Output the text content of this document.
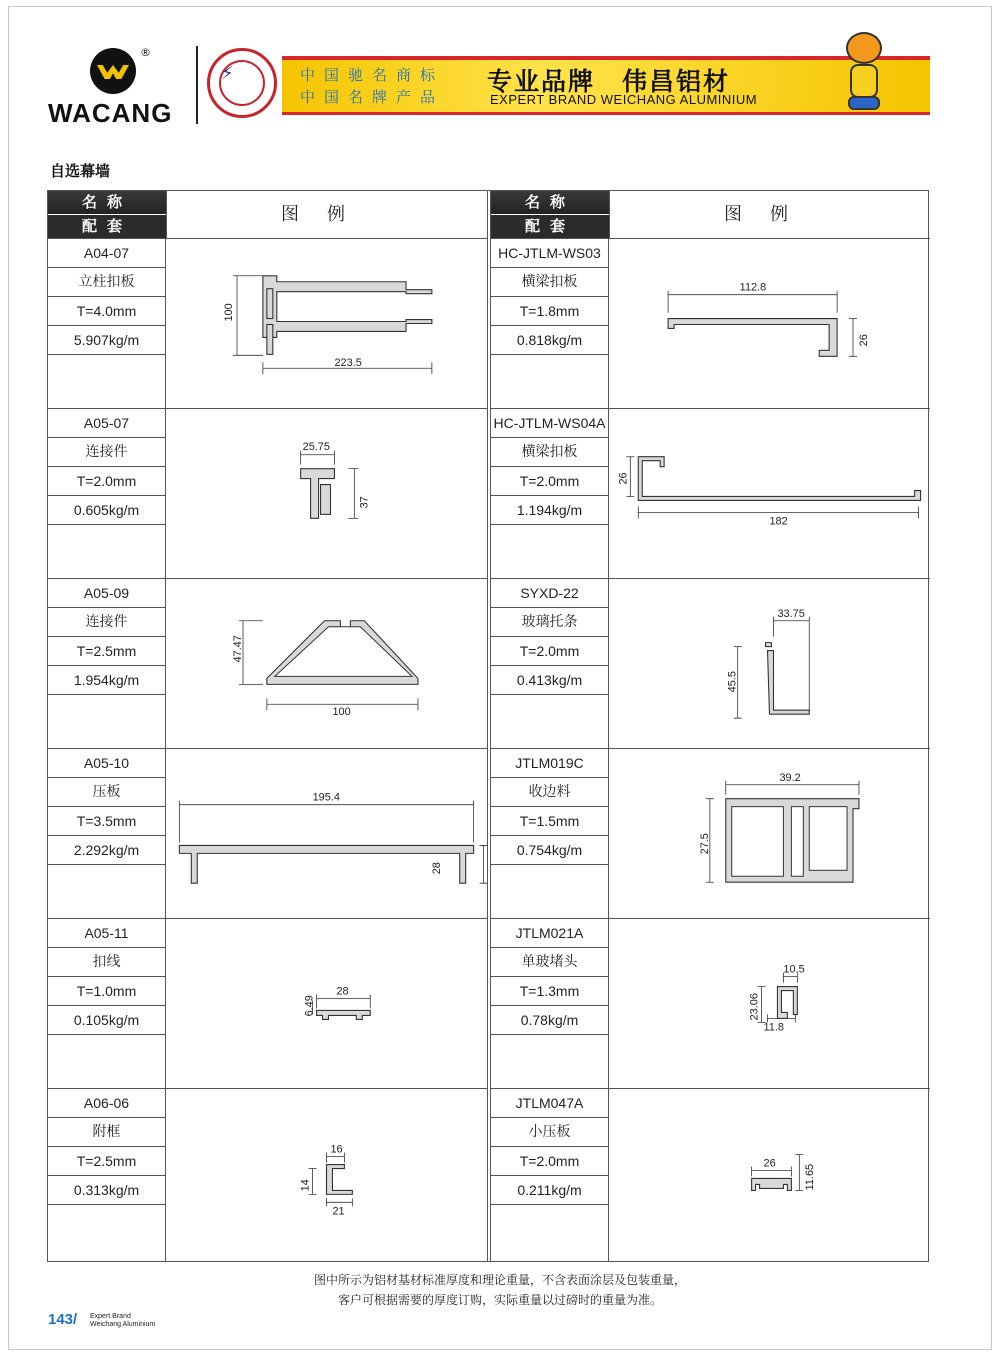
®
WACANG
⚡	中国驰名商标
中国名牌产品
专业品牌　伟昌铝材
EXPERT BRAND WEICHANG ALUMINIUM
自选幕墙
名称
配套
图例
A04-07
立柱扣板
T=4.0mm
5.907kg/m
100
223.5
A05-07
连接件
T=2.0mm
0.605kg/m
25.75
37
A05-09
连接件
T=2.5mm
1.954kg/m
47.47
100
A05-10
压板
T=3.5mm
2.292kg/m
195.4
28
A05-11
扣线
T=1.0mm
0.105kg/m
28
6.49
A06-06
附框
T=2.5mm
0.313kg/m
16
14
21
名称
配套
图例
HC-JTLM-WS03
横梁扣板
T=1.8mm
0.818kg/m
112.8
26
HC-JTLM-WS04A
横梁扣板
T=2.0mm
1.194kg/m
26
182
SYXD-22
玻璃托条
T=2.0mm
0.413kg/m
33.75
45.5
JTLM019C
收边料
T=1.5mm
0.754kg/m
39.2
27.5
JTLM021A
单玻堵头
T=1.3mm
0.78kg/m
10.5
23.06
11.8
JTLM047A
小压板
T=2.0mm
0.211kg/m
26
11.65
图中所示为铝材基材标准厚度和理论重量，不含表面涂层及包装重量，
客户可根据需要的厚度订购，实际重量以过磅时的重量为准。
143/ Expert Brand
Weichang Aluminium
